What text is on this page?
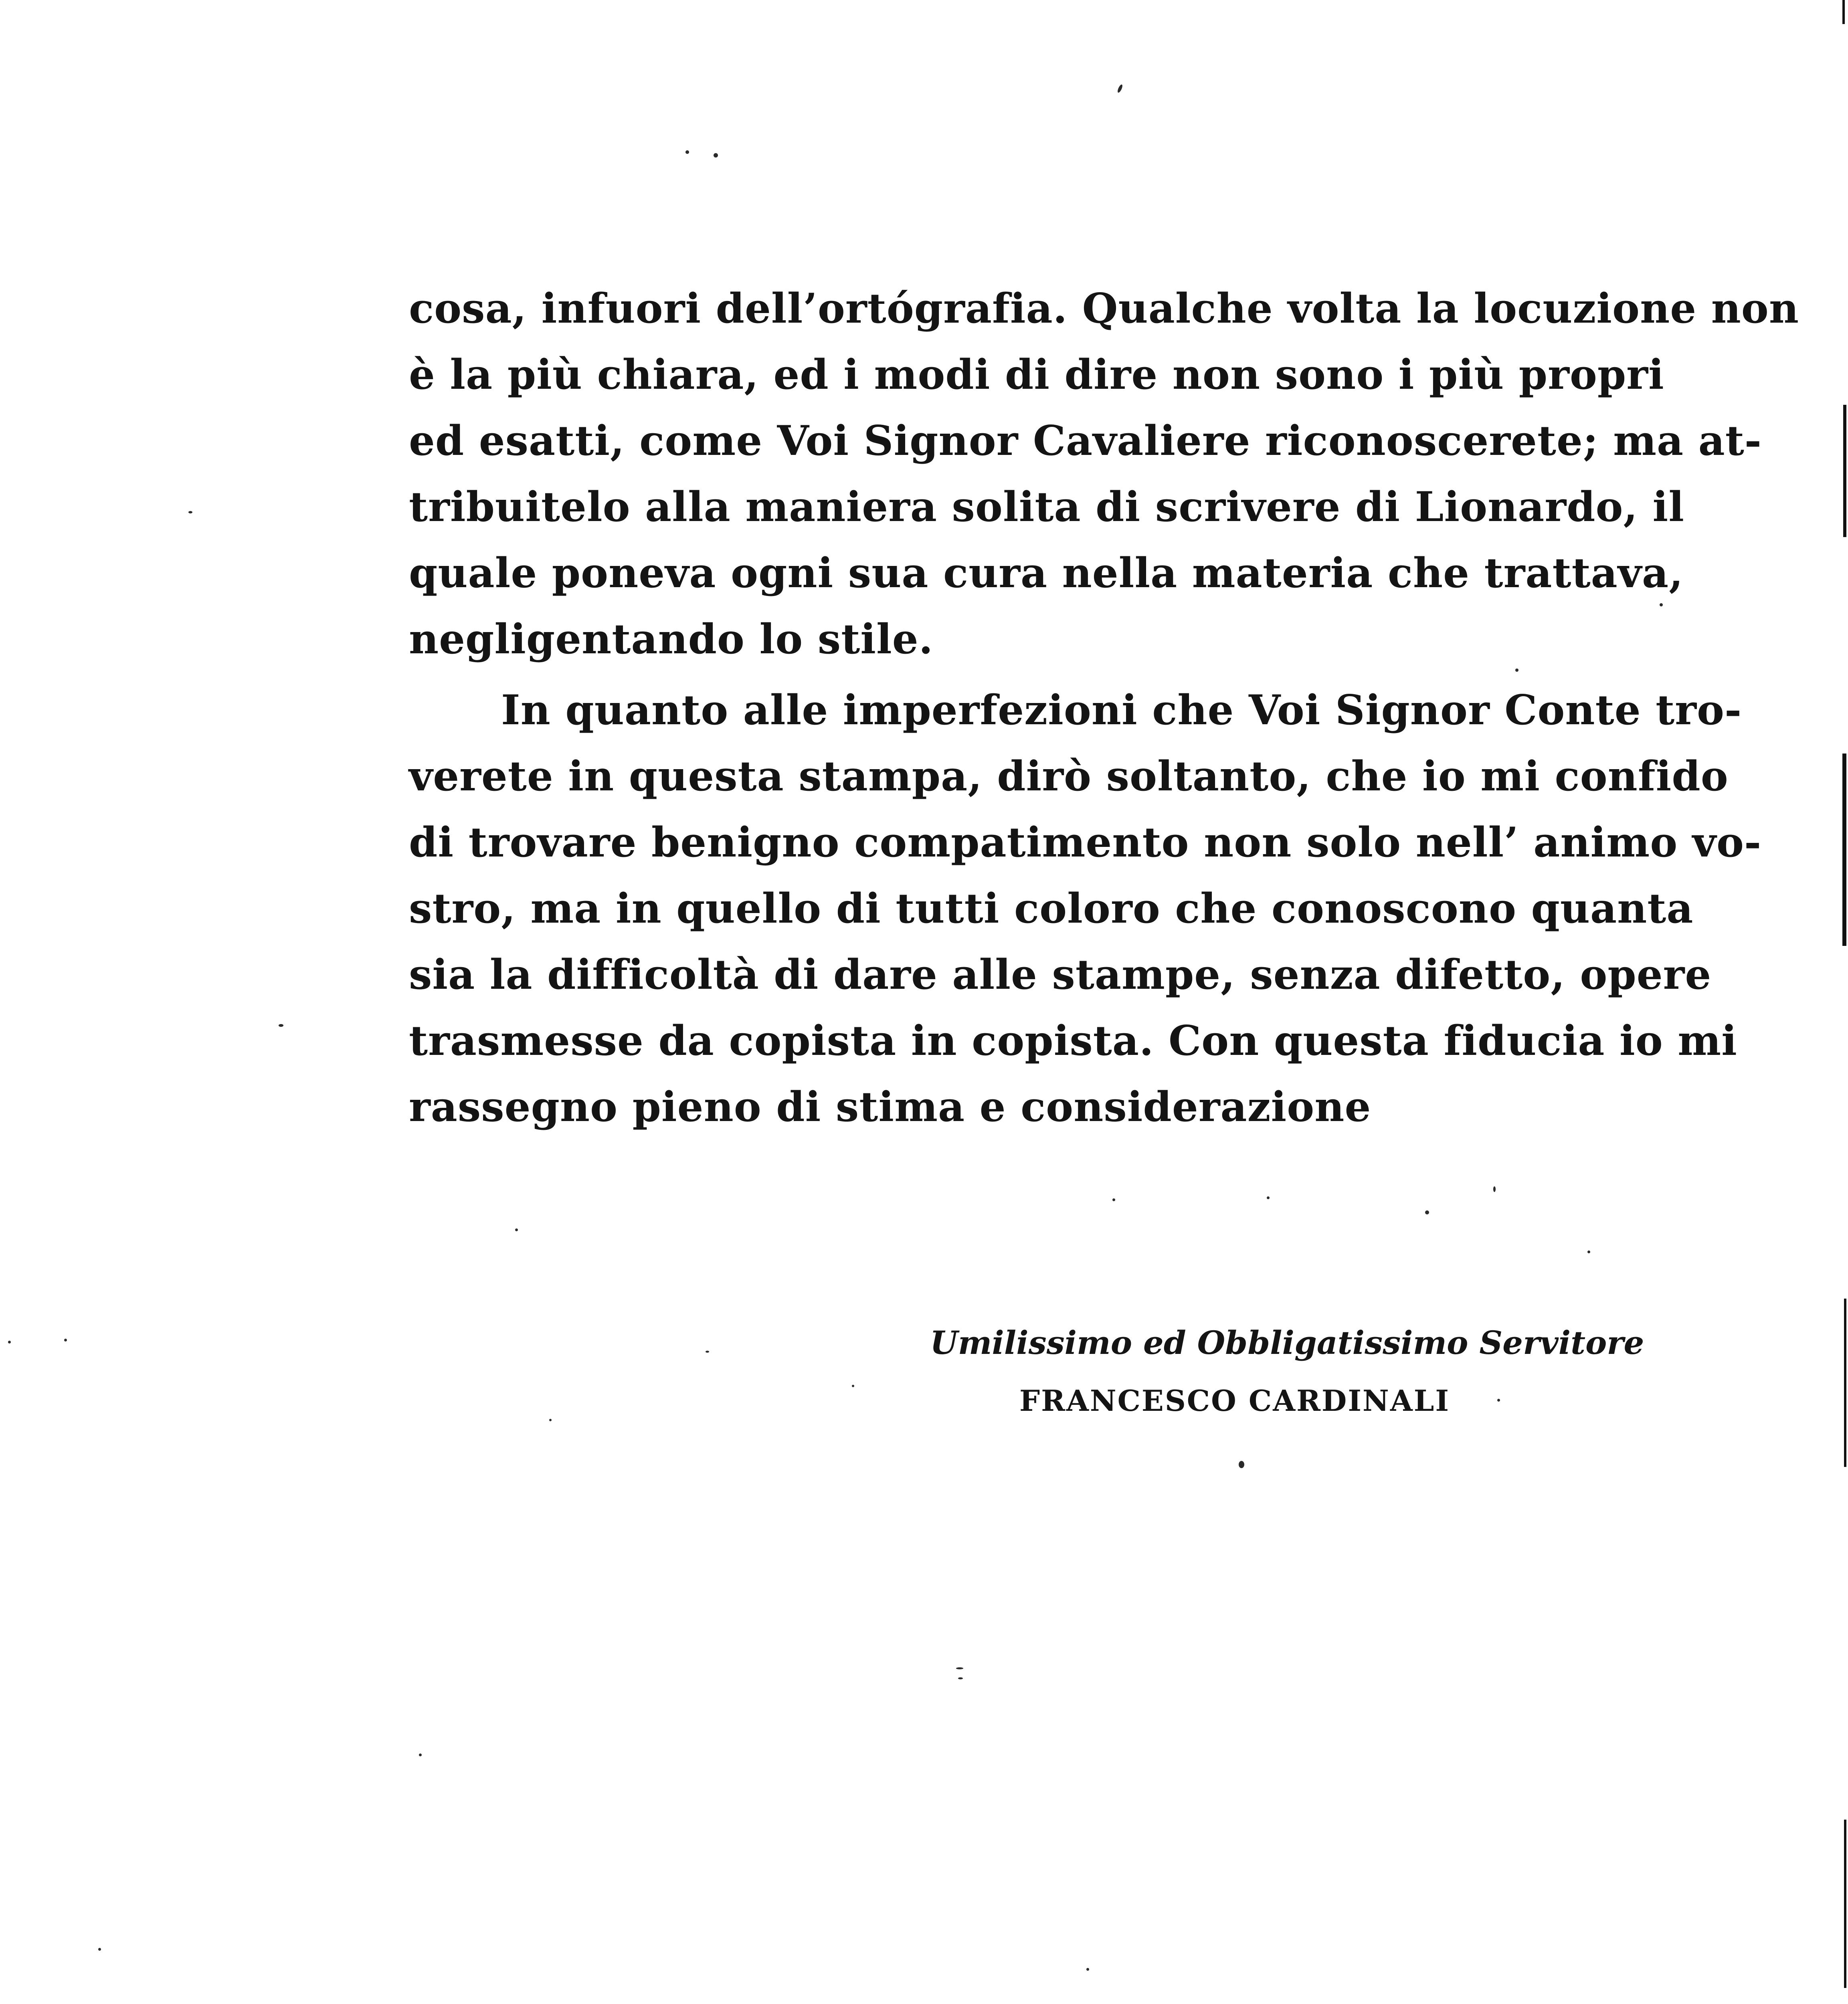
cosa, infuori dell’ortógrafia. Qualche volta la locuzione non
è la più chiara, ed i modi di dire non sono i più propri
ed esatti, come Voi Signor Cavaliere riconoscerete; ma at-
tribuitelo alla maniera solita di scrivere di Lionardo, il
quale poneva ogni sua cura nella materia che trattava,
negligentando lo stile.
In quanto alle imperfezioni che Voi Signor Conte tro-
verete in questa stampa, dirò soltanto, che io mi confido
di trovare benigno compatimento non solo nell’ animo vo-
stro, ma in quello di tutti coloro che conoscono quanta
sia la difficoltà di dare alle stampe, senza difetto, opere
trasmesse da copista in copista. Con questa fiducia io mi
rassegno pieno di stima e considerazione
Umilissimo ed Obbligatissimo Servitore
FRANCESCO CARDINALI
